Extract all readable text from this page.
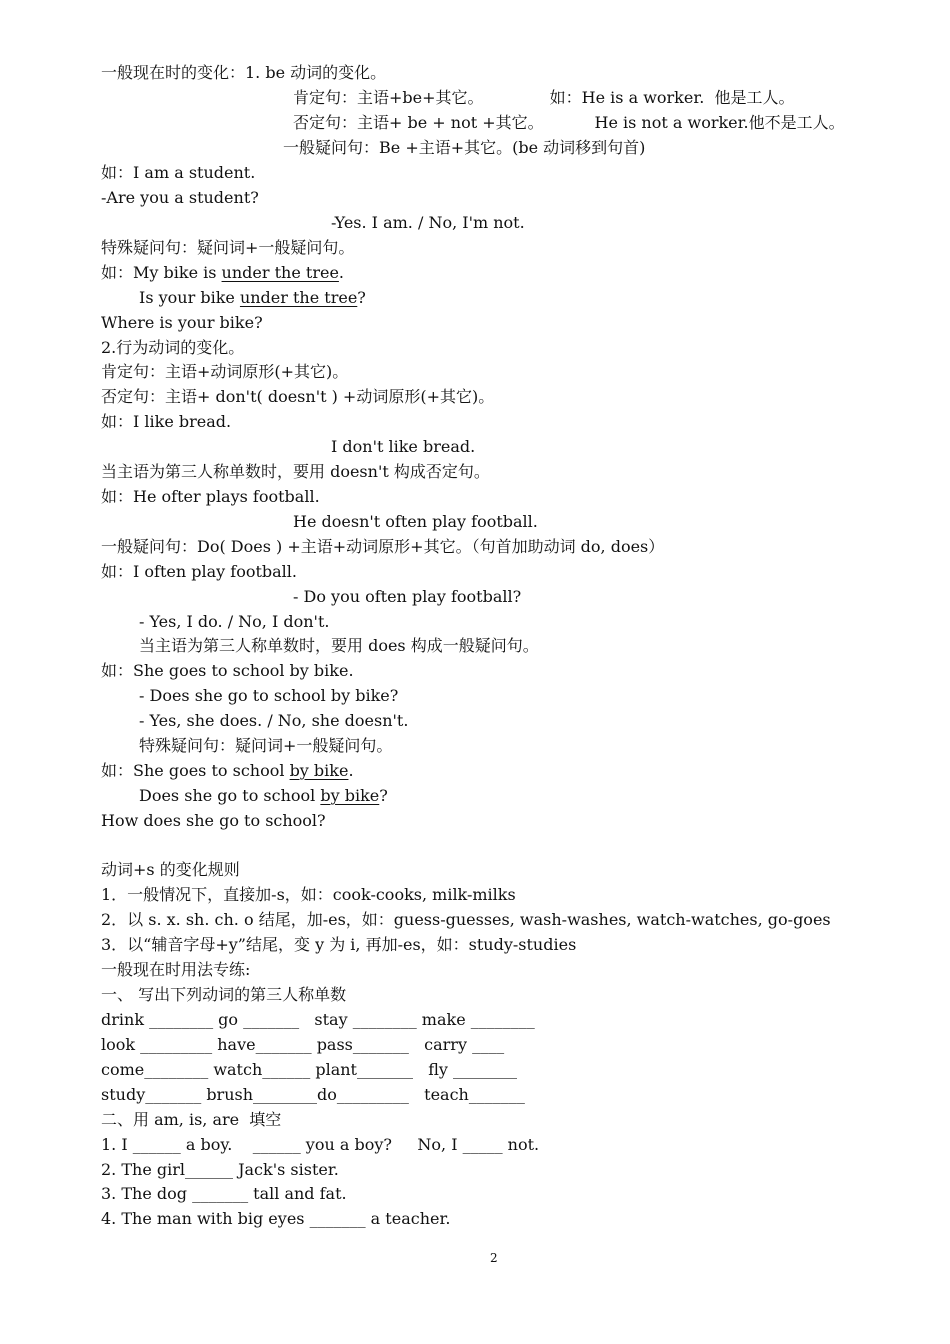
一般现在时的变化：1. be 动词的变化。
肯定句：主语+be+其它。             如：He is a worker.  他是工人。
否定句：主语+ be + not +其它。          He is not a worker.他不是工人。
一般疑问句：Be +主语+其它。(be 动词移到句首)
如：I am a student.
-Are you a student?
-Yes. I am. / No, I'm not.
特殊疑问句：疑问词+一般疑问句。
如：My bike is under the tree.
Is your bike under the tree?
Where is your bike?
2.行为动词的变化。
肯定句：主语+动词原形(+其它)。
否定句：主语+ don't( doesn't ) +动词原形(+其它)。
如：I like bread.
I don't like bread.
当主语为第三人称单数时，要用 doesn't 构成否定句。
如：He ofter plays football.
He doesn't often play football.
一般疑问句：Do( Does ) +主语+动词原形+其它。（句首加助动词 do, does）
如：I often play football.
- Do you often play football?
- Yes, I do. / No, I don't.
当主语为第三人称单数时，要用 does 构成一般疑问句。
如：She goes to school by bike.
- Does she go to school by bike?
- Yes, she does. / No, she doesn't.
特殊疑问句：疑问词+一般疑问句。
如：She goes to school by bike.
Does she go to school by bike?
How does she go to school?
动词+s 的变化规则
1．一般情况下，直接加-s，如：cook-cooks, milk-milks
2．以 s. x. sh. ch. o 结尾，加-es，如：guess-guesses, wash-washes, watch-watches, go-goes
3．以“辅音字母+y”结尾，变 y 为 i, 再加-es，如：study-studies
一般现在时用法专练:
一、 写出下列动词的第三人称单数
drink ________ go _______   stay ________ make ________
look _________ have_______ pass_______   carry ____
come________ watch______ plant_______   fly ________
study_______ brush________do_________   teach_______
二、用 am, is, are  填空
1. I ______ a boy.    ______ you a boy?     No, I _____ not.
2. The girl______ Jack's sister.
3. The dog _______ tall and fat.
4. The man with big eyes _______ a teacher.
2
